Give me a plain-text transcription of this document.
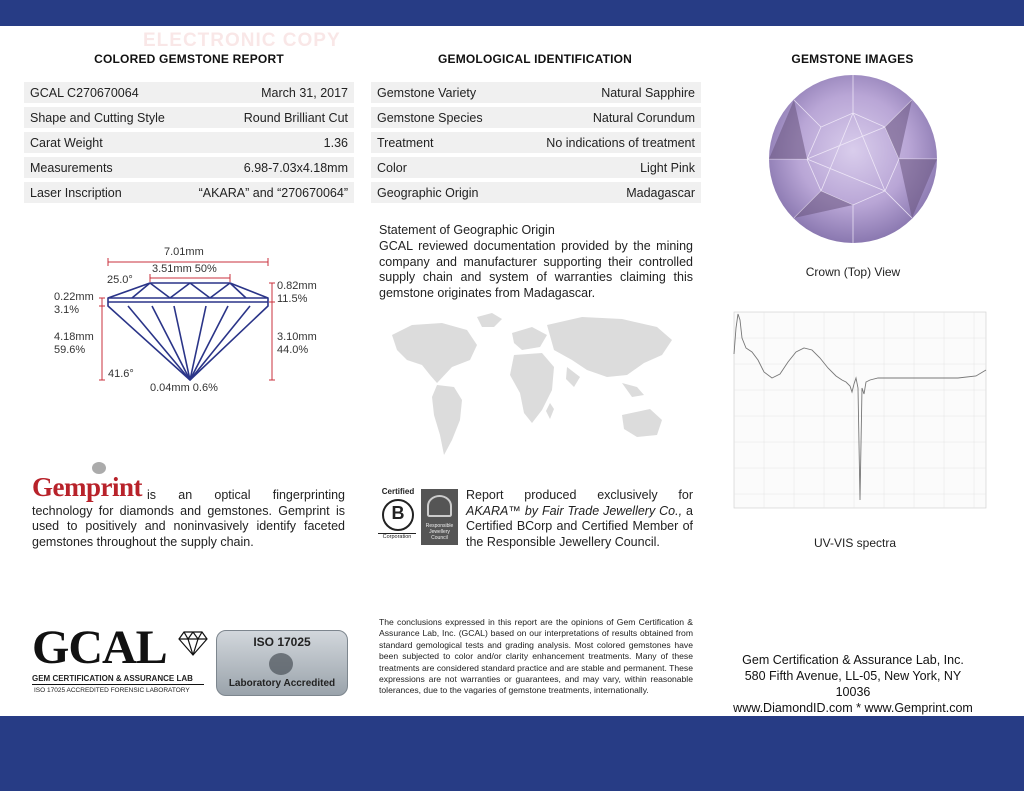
ELECTRONIC COPY
COLORED GEMSTONE REPORT	GEMOLOGICAL IDENTIFICATION	GEMSTONE IMAGES
GCAL C270670064	March 31, 2017
Shape and Cutting Style	Round Brilliant Cut
Carat Weight	1.36
Measurements	6.98-7.03x4.18mm
Laser Inscription	“AKARA” and “270670064”
Gemstone Variety	Natural Sapphire
Gemstone Species	Natural Corundum
Treatment	No indications of treatment
Color	Light Pink
Geographic Origin	Madagascar
7.01mm
3.51mm 50%
25.0°
0.22mm
3.1%
4.18mm
59.6%
41.6°
0.04mm 0.6%
0.82mm
11.5%
3.10mm
44.0%
Statement of Geographic Origin
GCAL reviewed documentation provided by the mining company and manufacturer supporting their controlled supply chain and system of warranties claiming this gemstone originates from Madagascar.
Crown (Top) View
UV-VIS spectra
Gemprint is an optical fingerprinting technology for diamonds and gemstones. Gemprint is used to positively and noninvasively identify faceted gemstones throughout the supply chain.
Certified
B
Corporation
Responsible Jewellery Council
Report produced exclusively for AKARA™ by Fair Trade Jewellery Co., a Certified BCorp and Certified Member of the Responsible Jewellery Council.
GCAL
GEM CERTIFICATION & ASSURANCE LAB
ISO 17025 ACCREDITED FORENSIC LABORATORY
ISO 17025
Laboratory Accredited
The conclusions expressed in this report are the opinions of Gem Certification & Assurance Lab, Inc. (GCAL) based on our interpretations of results obtained from standard gemological tests and grading analysis. Most colored gemstones have been subjected to color and/or clarity enhancement treatments. Many of these treatments are considered standard practice and are stable and permanent. These expressions are not warranties or guarantees, and may vary, within reasonable tolerances, due to the vagaries of gemstone treatments, internationally.
Gem Certification & Assurance Lab, Inc.
580 Fifth Avenue, LL-05, New York, NY 10036
www.DiamondID.com * www.Gemprint.com
